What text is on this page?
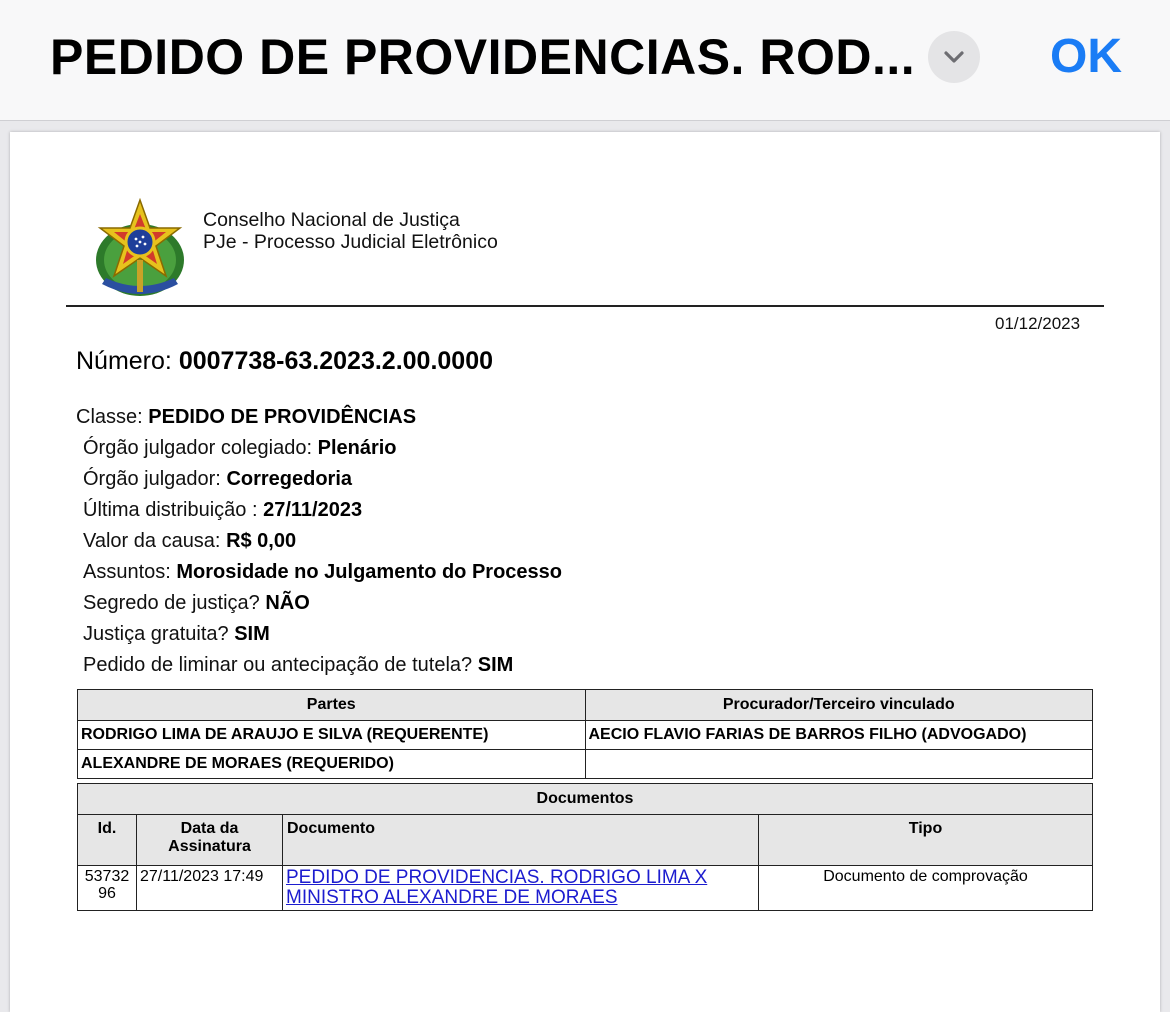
PEDIDO DE PROVIDENCIAS. ROD...	OK
Conselho Nacional de Justiça
PJe - Processo Judicial Eletrônico
01/12/2023
Número: 0007738-63.2023.2.00.0000
Classe: PEDIDO DE PROVIDÊNCIAS
Órgão julgador colegiado: Plenário
Órgão julgador: Corregedoria
Última distribuição : 27/11/2023
Valor da causa: R$ 0,00
Assuntos: Morosidade no Julgamento do Processo
Segredo de justiça? NÃO
Justiça gratuita? SIM
Pedido de liminar ou antecipação de tutela? SIM
Partes	Procurador/Terceiro vinculado
RODRIGO LIMA DE ARAUJO E SILVA (REQUERENTE)	AECIO FLAVIO FARIAS DE BARROS FILHO (ADVOGADO)
ALEXANDRE DE MORAES (REQUERIDO)	
Documentos			
Id.	Data da Assinatura	Documento	Tipo
5373296	27/11/2023 17:49	PEDIDO DE PROVIDENCIAS. RODRIGO LIMA X MINISTRO ALEXANDRE DE MORAES	Documento de comprovação
